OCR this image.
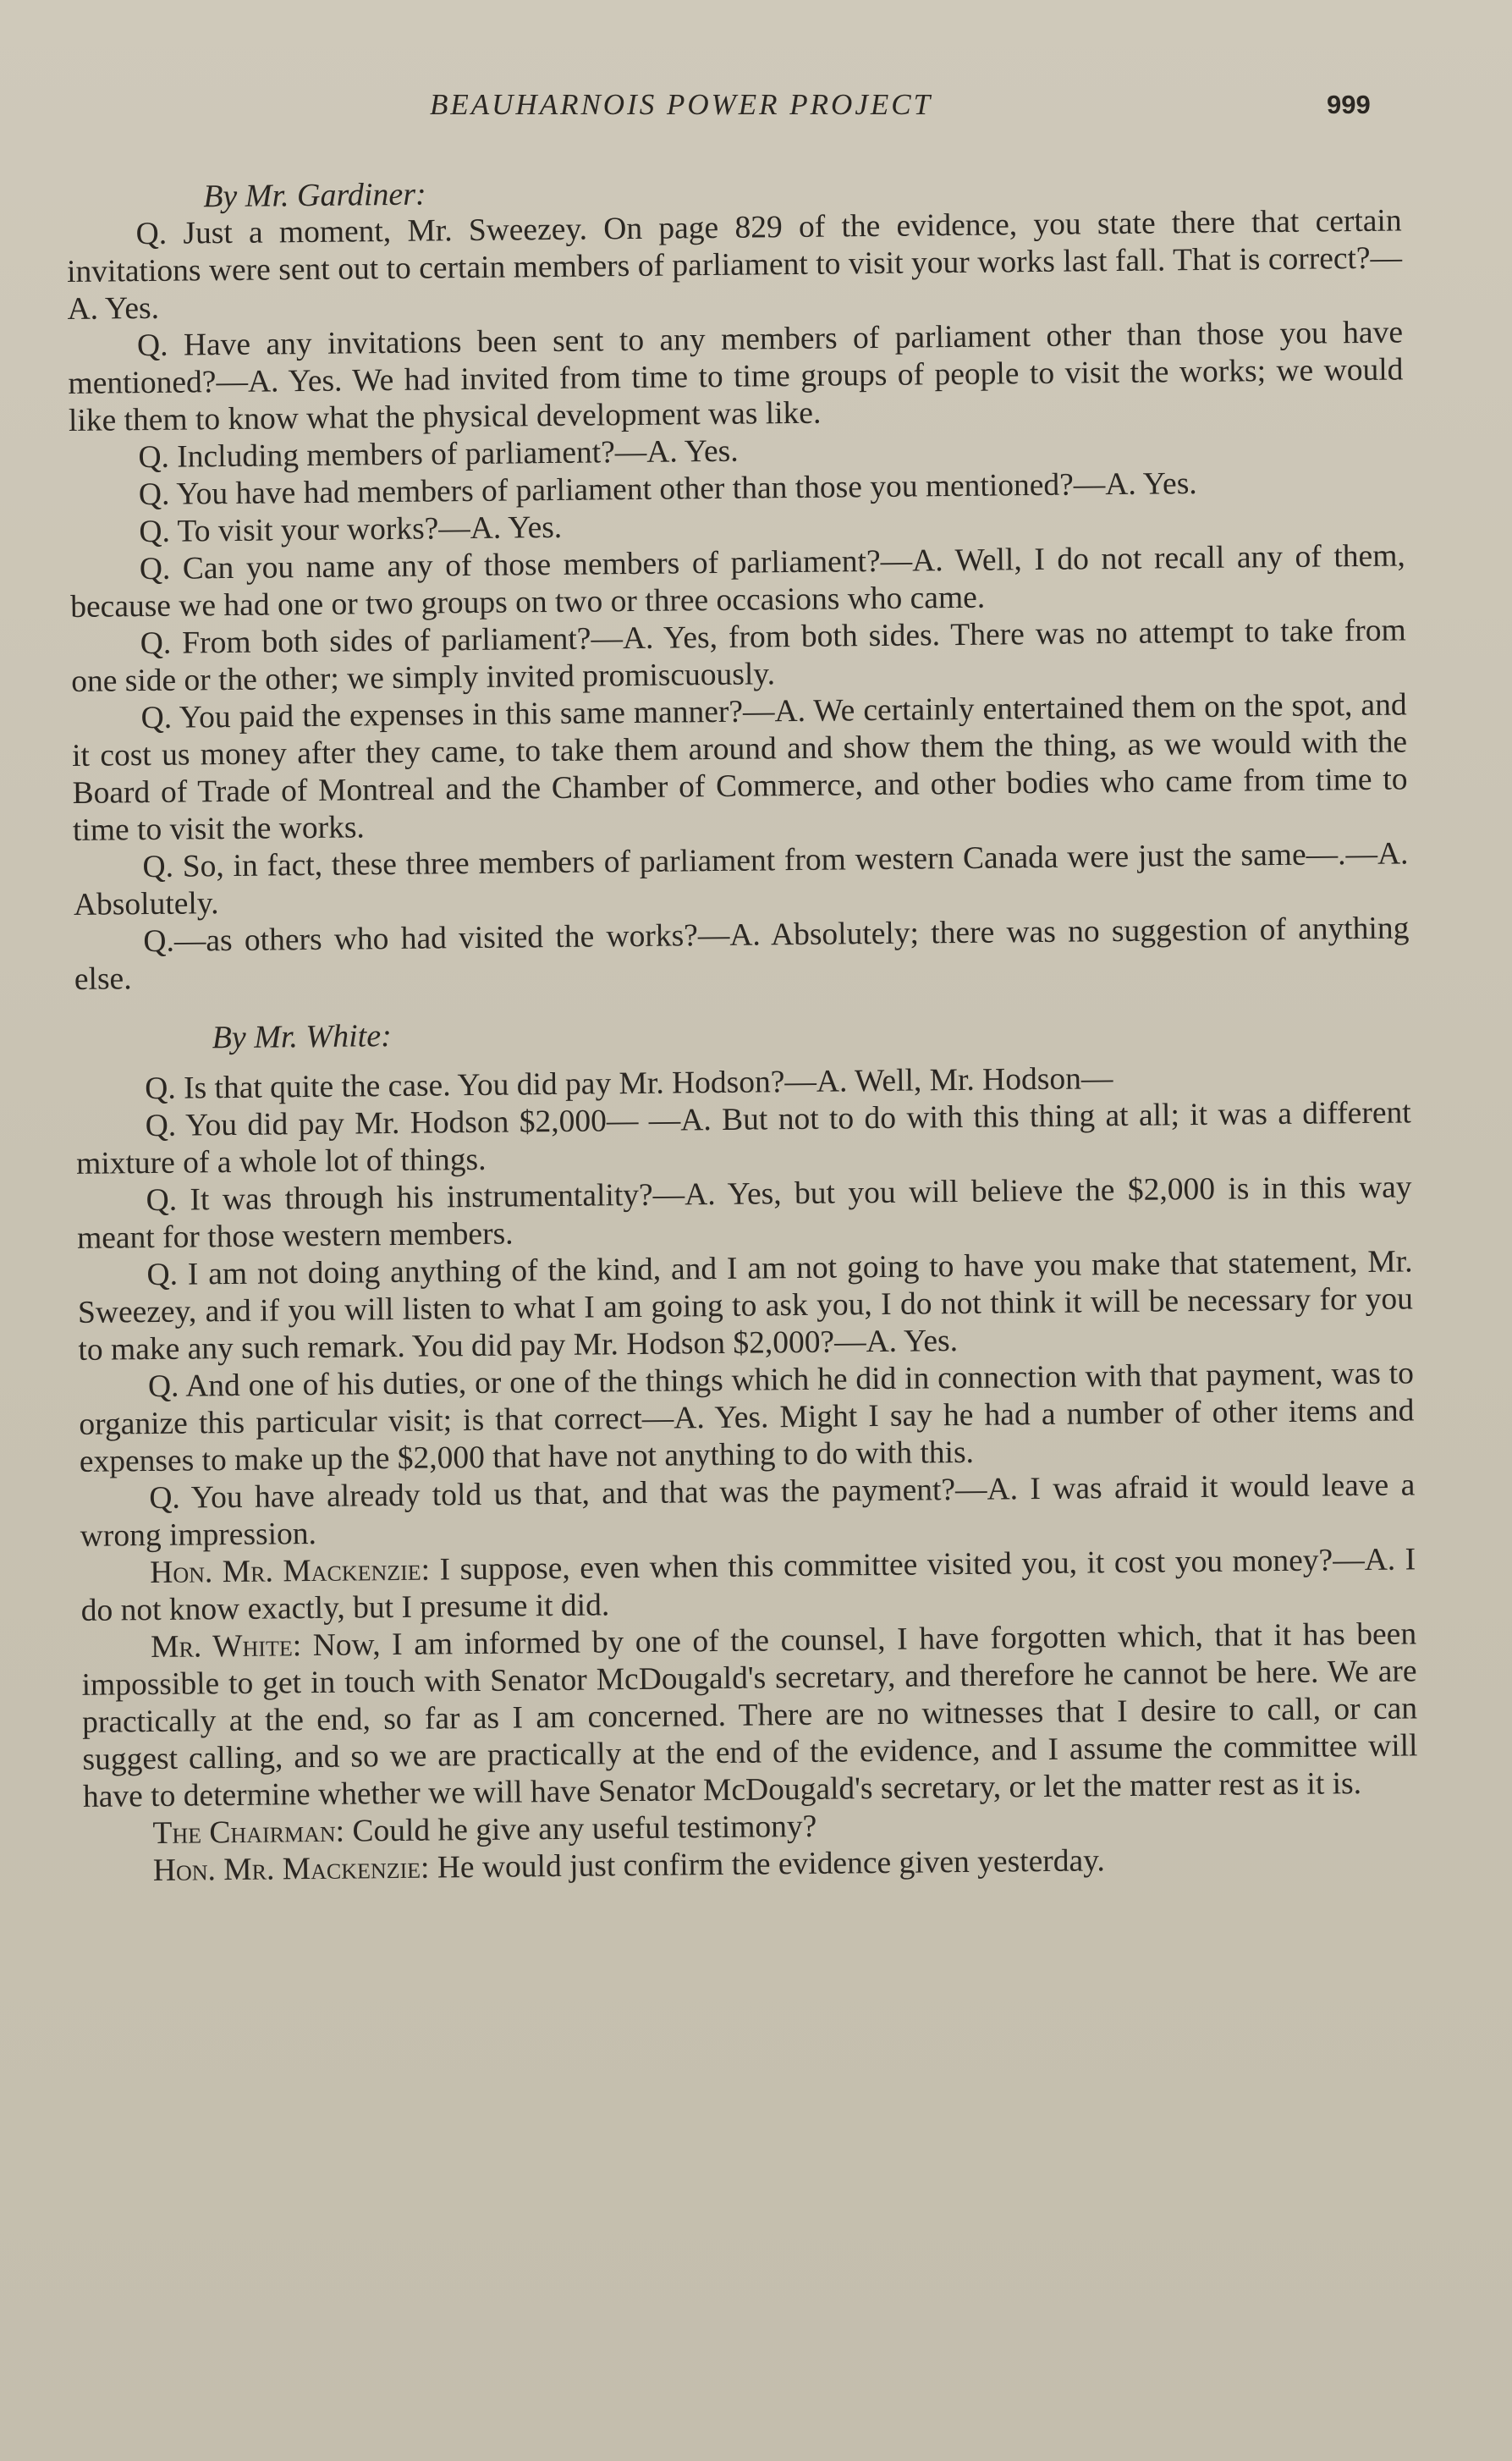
BEAUHARNOIS POWER PROJECT	999

By Mr. Gardiner:

Q. Just a moment, Mr. Sweezey. On page 829 of the evidence, you state there that certain invitations were sent out to certain members of parliament to visit your works last fall. That is correct?—A. Yes.

Q. Have any invitations been sent to any members of parliament other than those you have mentioned?—A. Yes. We had invited from time to time groups of people to visit the works; we would like them to know what the physical development was like.

Q. Including members of parliament?—A. Yes.

Q. You have had members of parliament other than those you mentioned?—A. Yes.

Q. To visit your works?—A. Yes.

Q. Can you name any of those members of parliament?—A. Well, I do not recall any of them, because we had one or two groups on two or three occasions who came.

Q. From both sides of parliament?—A. Yes, from both sides. There was no attempt to take from one side or the other; we simply invited promiscuously.

Q. You paid the expenses in this same manner?—A. We certainly entertained them on the spot, and it cost us money after they came, to take them around and show them the thing, as we would with the Board of Trade of Montreal and the Chamber of Commerce, and other bodies who came from time to time to visit the works.

Q. So, in fact, these three members of parliament from western Canada were just the same—.—A. Absolutely.

Q.—as others who had visited the works?—A. Absolutely; there was no suggestion of anything else.

By Mr. White:

Q. Is that quite the case. You did pay Mr. Hodson?—A. Well, Mr. Hodson—

Q. You did pay Mr. Hodson $2,000— —A. But not to do with this thing at all; it was a different mixture of a whole lot of things.

Q. It was through his instrumentality?—A. Yes, but you will believe the $2,000 is in this way meant for those western members.

Q. I am not doing anything of the kind, and I am not going to have you make that statement, Mr. Sweezey, and if you will listen to what I am going to ask you, I do not think it will be necessary for you to make any such remark. You did pay Mr. Hodson $2,000?—A. Yes.

Q. And one of his duties, or one of the things which he did in connection with that payment, was to organize this particular visit; is that correct—A. Yes. Might I say he had a number of other items and expenses to make up the $2,000 that have not anything to do with this.

Q. You have already told us that, and that was the payment?—A. I was afraid it would leave a wrong impression.

Hon. Mr. Mackenzie: I suppose, even when this committee visited you, it cost you money?—A. I do not know exactly, but I presume it did.

Mr. White: Now, I am informed by one of the counsel, I have forgotten which, that it has been impossible to get in touch with Senator McDougald's secretary, and therefore he cannot be here. We are practically at the end, so far as I am concerned. There are no witnesses that I desire to call, or can suggest calling, and so we are practically at the end of the evidence, and I assume the committee will have to determine whether we will have Senator McDougald's secretary, or let the matter rest as it is.

The Chairman: Could he give any useful testimony?

Hon. Mr. Mackenzie: He would just confirm the evidence given yesterday.
